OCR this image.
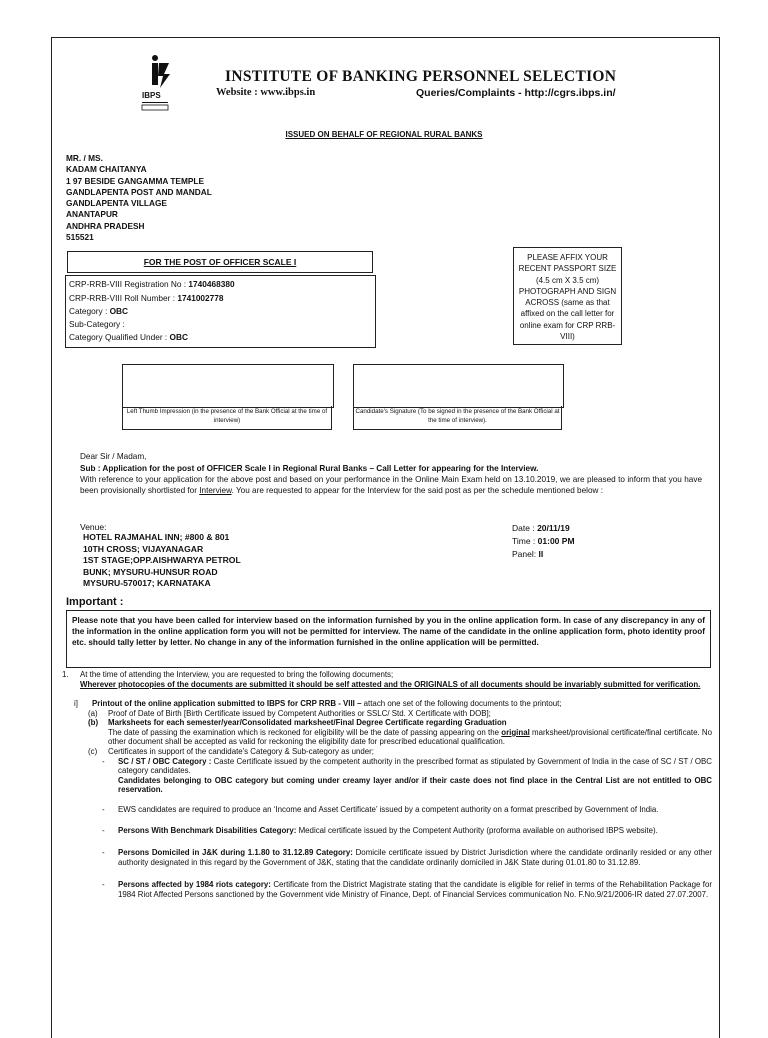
IBPS
INSTITUTE OF BANKING PERSONNEL SELECTION
Website : www.ibps.in	Queries/Complaints - http://cgrs.ibps.in/
ISSUED ON BEHALF OF REGIONAL RURAL BANKS
MR. / MS.
KADAM CHAITANYA
1 97 BESIDE GANGAMMA TEMPLE
GANDLAPENTA POST AND MANDAL
GANDLAPENTA VILLAGE
ANANTAPUR
ANDHRA PRADESH
515521
FOR THE POST OF OFFICER SCALE I
CRP-RRB-VIII Registration No : 1740468380
CRP-RRB-VIII Roll Number : 1741002778
Category : OBC
Sub-Category :
Category Qualified Under : OBC
PLEASE AFFIX YOUR RECENT PASSPORT SIZE (4.5 cm X 3.5 cm) PHOTOGRAPH AND SIGN ACROSS (same as that affixed on the call letter for online exam for CRP RRB-VIII)
Left Thumb Impression (in the presence of the Bank Official at the time of interview)
Candidate's Signature (To be signed in the presence of the Bank Official at the time of interview).
Dear Sir / Madam,
Sub : Application for the post of OFFICER Scale I in Regional Rural Banks – Call Letter for appearing for the Interview.
With reference to your application for the above post and based on your performance in the Online Main Exam held on 13.10.2019, we are pleased to inform that you have been provisionally shortlisted for Interview. You are requested to appear for the Interview for the said post as per the schedule mentioned below :
Venue:
HOTEL RAJMAHAL INN; #800 & 801
10TH CROSS; VIJAYANAGAR
1ST STAGE;OPP.AISHWARYA PETROL
BUNK; MYSURU-HUNSUR ROAD
MYSURU-570017; KARNATAKA
Date : 20/11/19
Time : 01:00 PM
Panel: II
Important :
Please note that you have been called for interview based on the information furnished by you in the online application form. In case of any discrepancy in any of the information in the online application form you will not be permitted for interview. The name of the candidate in the online application form, photo identity proof etc. should tally letter by letter. No change in any of the information furnished in the online application will be permitted.
1. At the time of attending the Interview, you are requested to bring the following documents;
Wherever photocopies of the documents are submitted it should be self attested and the ORIGINALS of all documents should be invariably submitted for verification.
i] Printout of the online application submitted to IBPS for CRP RRB - VIII – attach one set of the following documents to the printout;
(a) Proof of Date of Birth [Birth Certificate issued by Competent Authorities or SSLC/ Std. X Certificate with DOB];
(b) Marksheets for each semester/year/Consolidated marksheet/Final Degree Certificate regarding Graduation
The date of passing the examination which is reckoned for eligibility will be the date of passing appearing on the original marksheet/provisional certificate/final certificate. No other document shall be accepted as valid for reckoning the eligibility date for prescribed educational qualification.
(c) Certificates in support of the candidate's Category & Sub-category as under;
- SC / ST / OBC Category : Caste Certificate issued by the competent authority in the prescribed format as stipulated by Government of India in the case of SC / ST / OBC category candidates.
Candidates belonging to OBC category but coming under creamy layer and/or if their caste does not find place in the Central List are not entitled to OBC reservation.
- EWS candidates are required to produce an ‘Income and Asset Certificate’ issued by a competent authority on a format prescribed by Government of India.
- Persons With Benchmark Disabilities Category: Medical certificate issued by the Competent Authority (proforma available on authorised IBPS website).
- Persons Domiciled in J&K during 1.1.80 to 31.12.89 Category: Domicile certificate issued by District Jurisdiction where the candidate ordinarily resided or any other authority designated in this regard by the Government of J&K, stating that the candidate ordinarily domiciled in J&K State during 01.01.80 to 31.12.89.
- Persons affected by 1984 riots category: Certificate from the District Magistrate stating that the candidate is eligible for relief in terms of the Rehabilitation Package for 1984 Riot Affected Persons sanctioned by the Government vide Ministry of Finance, Dept. of Financial Services communication No. F.No.9/21/2006-IR dated 27.07.2007.
